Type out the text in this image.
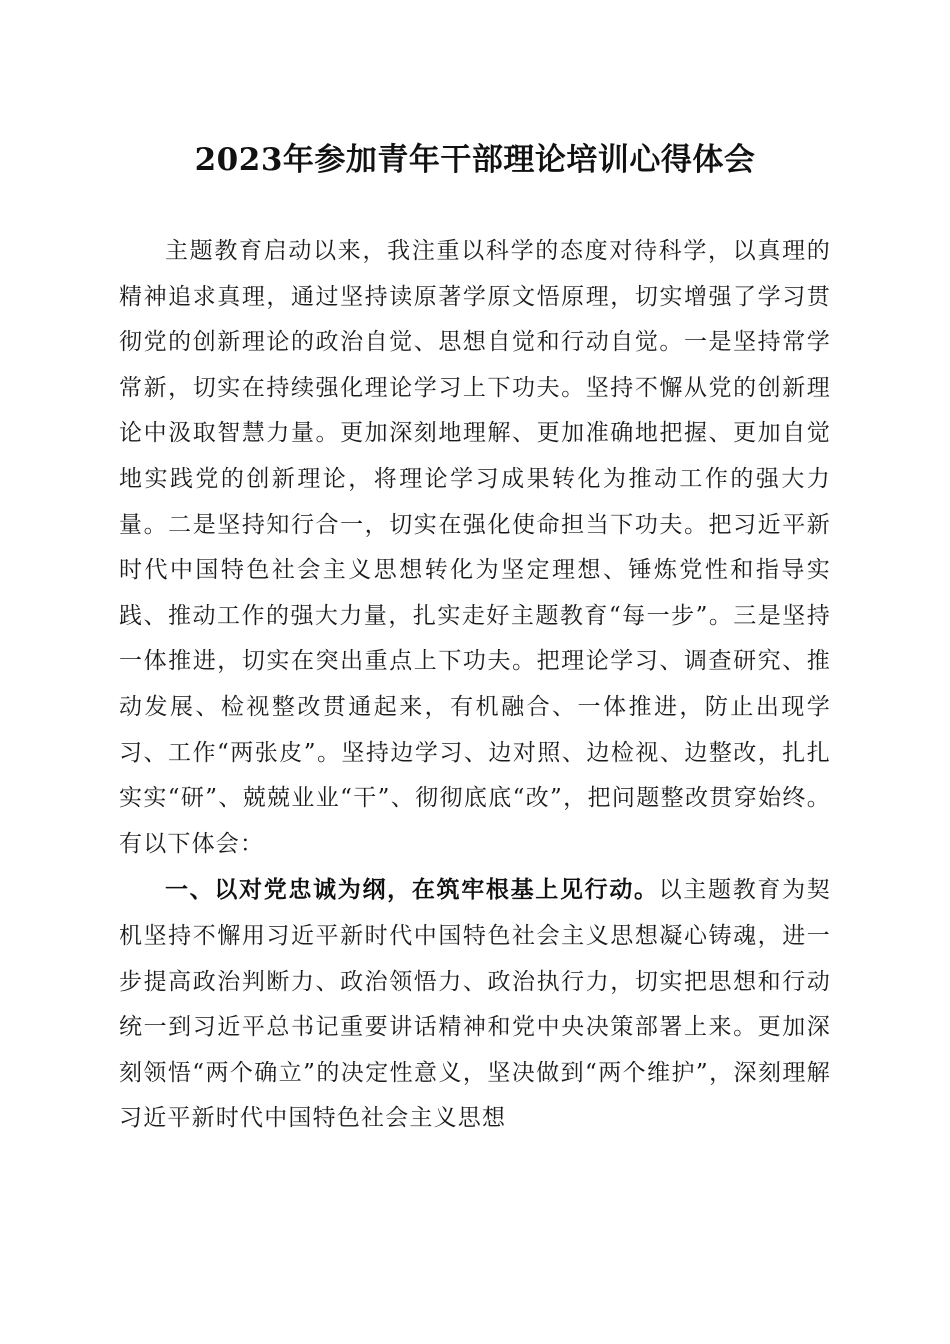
2023年参加青年干部理论培训心得体会

主题教育启动以来，我注重以科学的态度对待科学，以真理的精神追求真理，通过坚持读原著学原文悟原理，切实增强了学习贯彻党的创新理论的政治自觉、思想自觉和行动自觉。一是坚持常学常新，切实在持续强化理论学习上下功夫。坚持不懈从党的创新理论中汲取智慧力量。更加深刻地理解、更加准确地把握、更加自觉地实践党的创新理论，将理论学习成果转化为推动工作的强大力量。二是坚持知行合一，切实在强化使命担当下功夫。把习近平新时代中国特色社会主义思想转化为坚定理想、锤炼党性和指导实践、推动工作的强大力量，扎实走好主题教育“每一步”。三是坚持一体推进，切实在突出重点上下功夫。把理论学习、调查研究、推动发展、检视整改贯通起来，有机融合、一体推进，防止出现学习、工作“两张皮”。坚持边学习、边对照、边检视、边整改，扎扎实实“研”、兢兢业业“干”、彻彻底底“改”，把问题整改贯穿始终。有以下体会：

一、以对党忠诚为纲，在筑牢根基上见行动。以主题教育为契机坚持不懈用习近平新时代中国特色社会主义思想凝心铸魂，进一步提高政治判断力、政治领悟力、政治执行力，切实把思想和行动统一到习近平总书记重要讲话精神和党中央决策部署上来。更加深刻领悟“两个确立”的决定性意义，坚决做到“两个维护”，深刻理解习近平新时代中国特色社会主义思想
